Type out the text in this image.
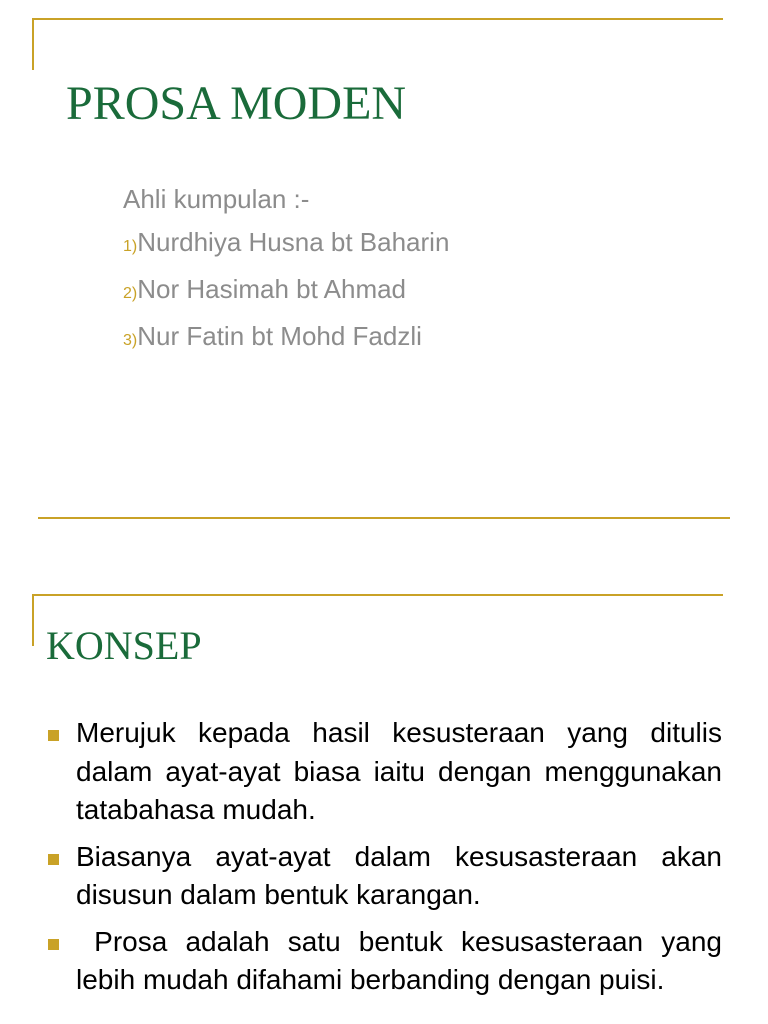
PROSA MODEN
Ahli kumpulan :-
1)Nurdhiya Husna bt Baharin
2)Nor Hasimah bt Ahmad
3)Nur Fatin bt Mohd Fadzli
KONSEP
Merujuk kepada hasil kesusteraan yang ditulis dalam ayat-ayat biasa iaitu dengan menggunakan tatabahasa mudah.
Biasanya ayat-ayat dalam kesusasteraan akan disusun dalam bentuk karangan.
Prosa adalah satu bentuk kesusasteraan yang lebih mudah difahami berbanding dengan puisi.
